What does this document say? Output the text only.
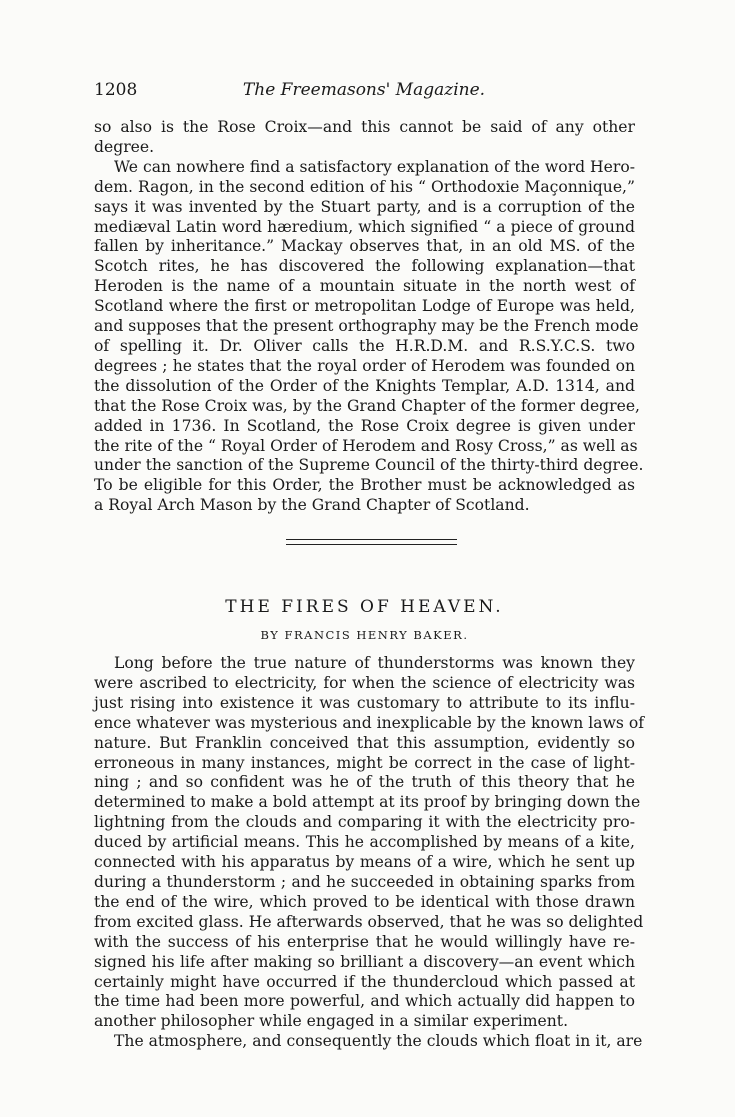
1208	The Freemasons' Magazine.
so also is the Rose Croix—and this cannot be said of any other
degree.
We can nowhere find a satisfactory explanation of the word Hero-
dem. Ragon, in the second edition of his “ Orthodoxie Maçonnique,”
says it was invented by the Stuart party, and is a corruption of the
mediæval Latin word hæredium, which signified “ a piece of ground
fallen by inheritance.” Mackay observes that, in an old MS. of the
Scotch rites, he has discovered the following explanation—that
Heroden is the name of a mountain situate in the north west of
Scotland where the first or metropolitan Lodge of Europe was held,
and supposes that the present orthography may be the French mode
of spelling it. Dr. Oliver calls the H.R.D.M. and R.S.Y.C.S. two
degrees ; he states that the royal order of Herodem was founded on
the dissolution of the Order of the Knights Templar, A.D. 1314, and
that the Rose Croix was, by the Grand Chapter of the former degree,
added in 1736. In Scotland, the Rose Croix degree is given under
the rite of the “ Royal Order of Herodem and Rosy Cross,” as well as
under the sanction of the Supreme Council of the thirty-third degree.
To be eligible for this Order, the Brother must be acknowledged as
a Royal Arch Mason by the Grand Chapter of Scotland.
THE FIRES OF HEAVEN.
BY FRANCIS HENRY BAKER.
Long before the true nature of thunderstorms was known they
were ascribed to electricity, for when the science of electricity was
just rising into existence it was customary to attribute to its influ-
ence whatever was mysterious and inexplicable by the known laws of
nature. But Franklin conceived that this assumption, evidently so
erroneous in many instances, might be correct in the case of light-
ning ; and so confident was he of the truth of this theory that he
determined to make a bold attempt at its proof by bringing down the
lightning from the clouds and comparing it with the electricity pro-
duced by artificial means. This he accomplished by means of a kite,
connected with his apparatus by means of a wire, which he sent up
during a thunderstorm ; and he succeeded in obtaining sparks from
the end of the wire, which proved to be identical with those drawn
from excited glass. He afterwards observed, that he was so delighted
with the success of his enterprise that he would willingly have re-
signed his life after making so brilliant a discovery—an event which
certainly might have occurred if the thundercloud which passed at
the time had been more powerful, and which actually did happen to
another philosopher while engaged in a similar experiment.
The atmosphere, and consequently the clouds which float in it, are
